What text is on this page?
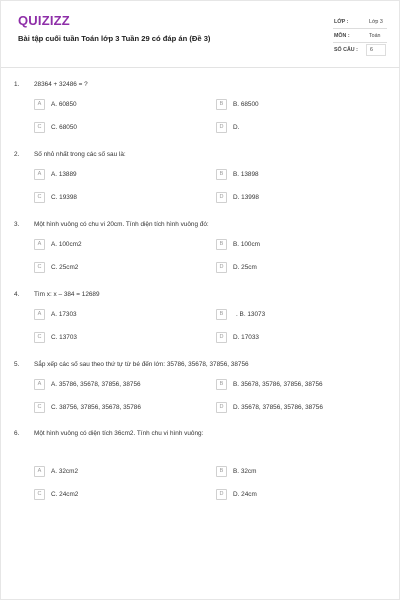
QUIZIZZ
Bài tập cuối tuần Toán lớp 3 Tuần 29 có đáp án (Đề 3)
LỚP :	Lớp 3
MÔN :	Toán
SỐ CÂU :	6
1. 28364 + 32486 = ?
A	A. 60850	B	B. 68500
C	C. 68050	D	D.
2. Số nhỏ nhất trong các số sau là:
A	A. 13889	B	B. 13898
C	C. 19398	D	D. 13998
3. Một hình vuông có chu vi 20cm. Tính diện tích hình vuông đó:
A	A. 100cm2	B	B. 100cm
C	C. 25cm2	D	D. 25cm
4. Tìm x: x – 384 = 12689
A	A. 17303	B	. B. 13073
C	C. 13703	D	D. 17033
5. Sắp xếp các số sau theo thứ tự từ bé đến lớn: 35786, 35678, 37856, 38756
A	A. 35786, 35678, 37856, 38756	B	B. 35678, 35786, 37856, 38756
C	C. 38756, 37856, 35678, 35786	D	D. 35678, 37856, 35786, 38756
6. Một hình vuông có diện tích 36cm2. Tính chu vi hình vuông:
A	A. 32cm2	B	B. 32cm
C	C. 24cm2	D	D. 24cm
